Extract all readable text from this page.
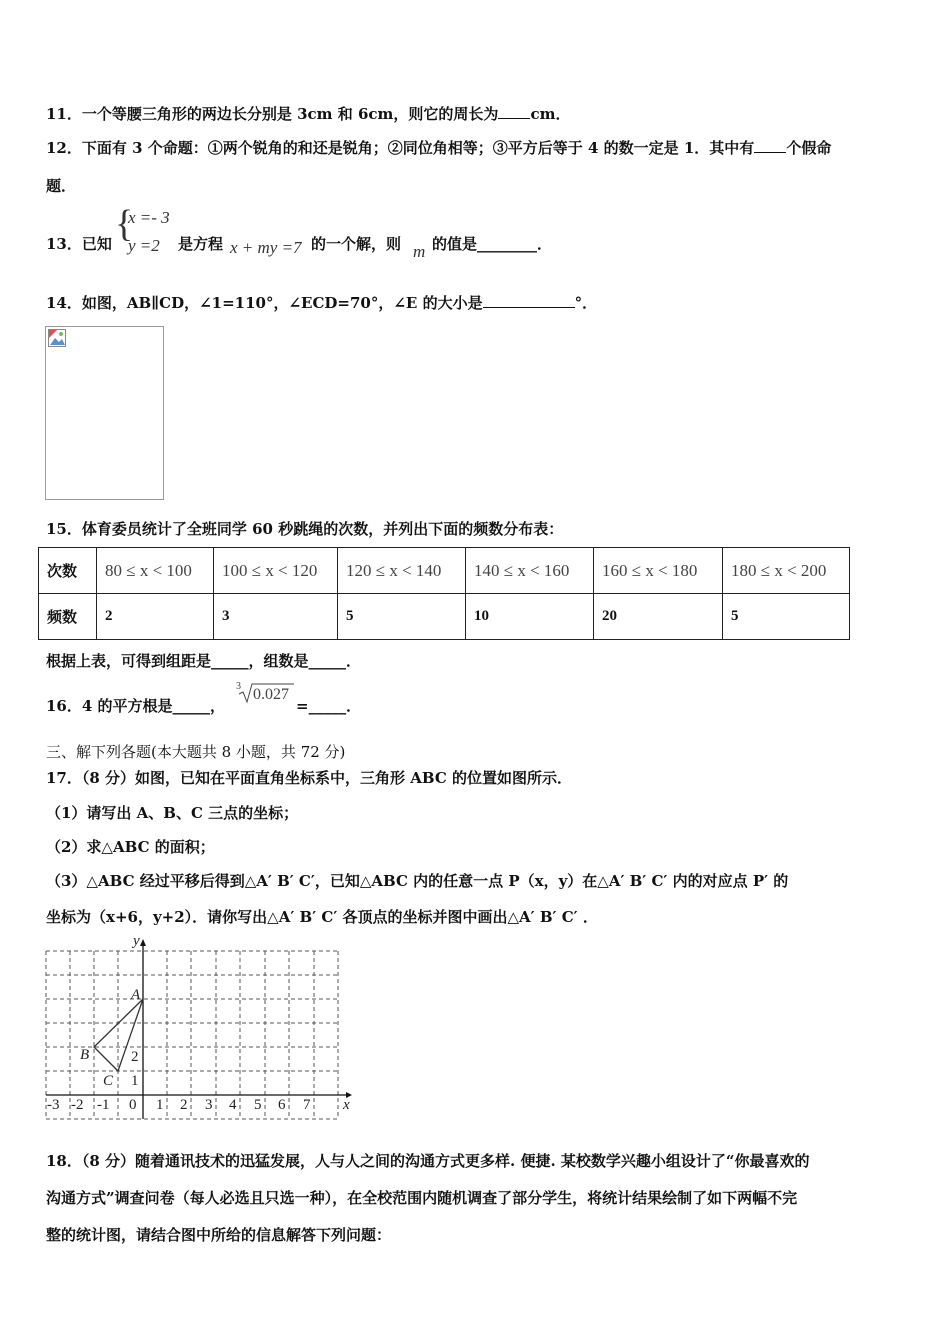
11．一个等腰三角形的两边长分别是 3cm 和 6cm，则它的周长为 cm．
12．下面有 3 个命题：①两个锐角的和还是锐角；②同位角相等；③平方后等于 4 的数一定是 1．其中有 个假命
题．
13．已知 {
x =- 3
y =2 是方程 x + my =7 的一个解，则 m 的值是________．
14．如图，AB∥CD，∠1=110°，∠ECD=70°，∠E 的大小是	°．
15．体育委员统计了全班同学 60 秒跳绳的次数，并列出下面的频数分布表：
次数	80 ≤ x < 100	100 ≤ x < 120	120 ≤ x < 140	140 ≤ x < 160	160 ≤ x < 180	180 ≤ x < 200
频数	2	3	5	10	20	5
根据上表，可得到组距是_____，组数是_____．
16．4 的平方根是_____，
3 0.027
=_____．
三、解下列各题(本大题共 8 小题，共 72 分)
17．（8 分）如图，已知在平面直角坐标系中，三角形 ABC 的位置如图所示．
（1）请写出 A、B、C 三点的坐标；
（2）求△ABC 的面积；
（3）△ABC 经过平移后得到△A′ B′ C′，已知△ABC 内的任意一点 P（x，y）在△A′ B′ C′ 内的对应点 P′ 的
坐标为（x+6，y+2）．请你写出△A′ B′ C′ 各顶点的坐标并图中画出△A′ B′ C′ ．
-3 -2 -1 0 1 2 3 4 5 6 7
1
2
x
y
A
B
C
18．（8 分）随着通讯技术的迅猛发展，人与人之间的沟通方式更多样. 便捷. 某校数学兴趣小组设计了“你最喜欢的
沟通方式”调查问卷（每人必选且只选一种），在全校范围内随机调查了部分学生，将统计结果绘制了如下两幅不完
整的统计图，请结合图中所给的信息解答下列问题：
